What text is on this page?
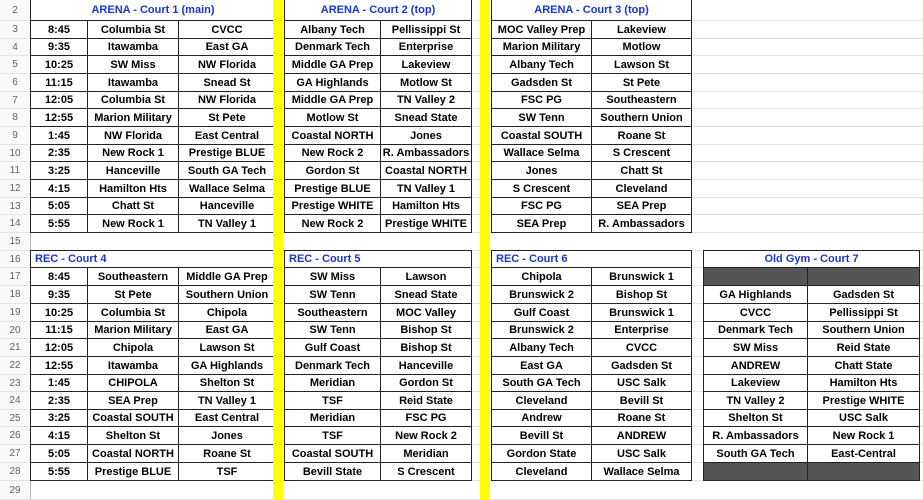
2
3
4
5
6
7
8
9
10
11
12
13
14
15
16
17
18
19
20
21
22
23
24
25
26
27
28
29
ARENA - Court 1 (main)
8:45	Columbia St	CVCC
9:35	Itawamba	East GA
10:25	SW Miss	NW Florida
11:15	Itawamba	Snead St
12:05	Columbia St	NW Florida
12:55	Marion Military	St Pete
1:45	NW Florida	East Central
2:35	New Rock 1	Prestige BLUE
3:25	Hanceville	South GA Tech
4:15	Hamilton Hts	Wallace Selma
5:05	Chatt St	Hanceville
5:55	New Rock 1	TN Valley 1
ARENA - Court 2 (top)
Albany Tech	Pellissippi St
Denmark Tech	Enterprise
Middle GA Prep	Lakeview
GA Highlands	Motlow St
Middle GA Prep	TN Valley 2
Motlow St	Snead State
Coastal NORTH	Jones
New Rock 2	R. Ambassadors
Gordon St	Coastal NORTH
Prestige BLUE	TN Valley 1
Prestige WHITE	Hamilton Hts
New Rock 2	Prestige WHITE
ARENA - Court 3 (top)
MOC Valley Prep	Lakeview
Marion Military	Motlow
Albany Tech	Lawson St
Gadsden St	St Pete
FSC PG	Southeastern
SW Tenn	Southern Union
Coastal SOUTH	Roane St
Wallace Selma	S Crescent
Jones	Chatt St
S Crescent	Cleveland
FSC PG	SEA Prep
SEA Prep	R. Ambassadors
REC - Court 4
8:45	Southeastern	Middle GA Prep
9:35	St Pete	Southern Union
10:25	Columbia St	Chipola
11:15	Marion Military	East GA
12:05	Chipola	Lawson St
12:55	Itawamba	GA Highlands
1:45	CHIPOLA	Shelton St
2:35	SEA Prep	TN Valley 1
3:25	Coastal SOUTH	East Central
4:15	Shelton St	Jones
5:05	Coastal NORTH	Roane St
5:55	Prestige BLUE	TSF
REC - Court 5
SW Miss	Lawson
SW Tenn	Snead State
Southeastern	MOC Valley
SW Tenn	Bishop St
Gulf Coast	Bishop St
Denmark Tech	Hanceville
Meridian	Gordon St
TSF	Reid State
Meridian	FSC PG
TSF	New Rock 2
Coastal SOUTH	Meridian
Bevill State	S Crescent
REC - Court 6
Chipola	Brunswick 1
Brunswick 2	Bishop St
Gulf Coast	Brunswick 1
Brunswick 2	Enterprise
Albany Tech	CVCC
East GA	Gadsden St
South GA Tech	USC Salk
Cleveland	Bevill St
Andrew	Roane St
Bevill St	ANDREW
Gordon State	USC Salk
Cleveland	Wallace Selma
Old Gym - Court 7
GA Highlands	Gadsden St
CVCC	Pellissippi St
Denmark Tech	Southern Union
SW Miss	Reid State
ANDREW	Chatt State
Lakeview	Hamilton Hts
TN Valley 2	Prestige WHITE
Shelton St	USC Salk
R. Ambassadors	New Rock 1
South GA Tech	East-Central
